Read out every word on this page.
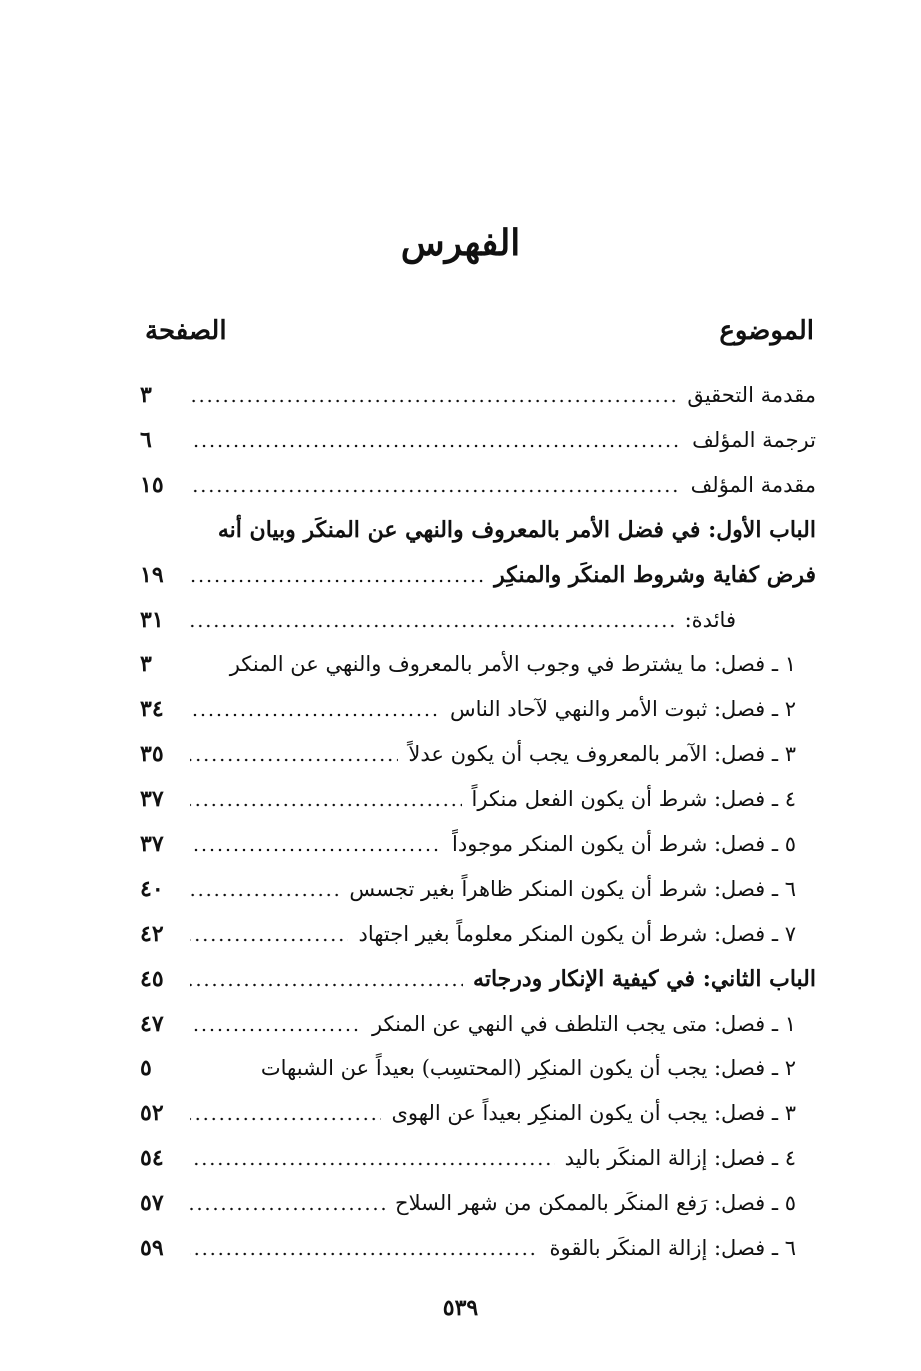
الفهرس
الموضوع
الصفحة
مقدمة التحقيق
٣
ترجمة المؤلف
٦
مقدمة المؤلف
١٥
الباب الأول: في فضل الأمر بالمعروف والنهي عن المنكَر وبيان أنه
فرض كفاية وشروط المنكَر والمنكِر
١٩
فائدة:
٣١
١ ـ فصل: ما يشترط في وجوب الأمر بالمعروف والنهي عن المنكر
٣
٢ ـ فصل: ثبوت الأمر والنهي لآحاد الناس
٣٤
٣ ـ فصل: الآمر بالمعروف يجب أن يكون عدلاً
٣٥
٤ ـ فصل: شرط أن يكون الفعل منكراً
٣٧
٥ ـ فصل: شرط أن يكون المنكر موجوداً
٣٧
٦ ـ فصل: شرط أن يكون المنكر ظاهراً بغير تجسس
٤٠
٧ ـ فصل: شرط أن يكون المنكر معلوماً بغير اجتهاد
٤٢
الباب الثاني: في كيفية الإنكار ودرجاته
٤٥
١ ـ فصل: متى يجب التلطف في النهي عن المنكر
٤٧
٢ ـ فصل: يجب أن يكون المنكِر (المحتسِب) بعيداً عن الشبهات
٥
٣ ـ فصل: يجب أن يكون المنكِر بعيداً عن الهوى
٥٢
٤ ـ فصل: إزالة المنكَر باليد
٥٤
٥ ـ فصل: رَفع المنكَر بالممكن من شهر السلاح
٥٧
٦ ـ فصل: إزالة المنكَر بالقوة
٥٩
٥٣٩
